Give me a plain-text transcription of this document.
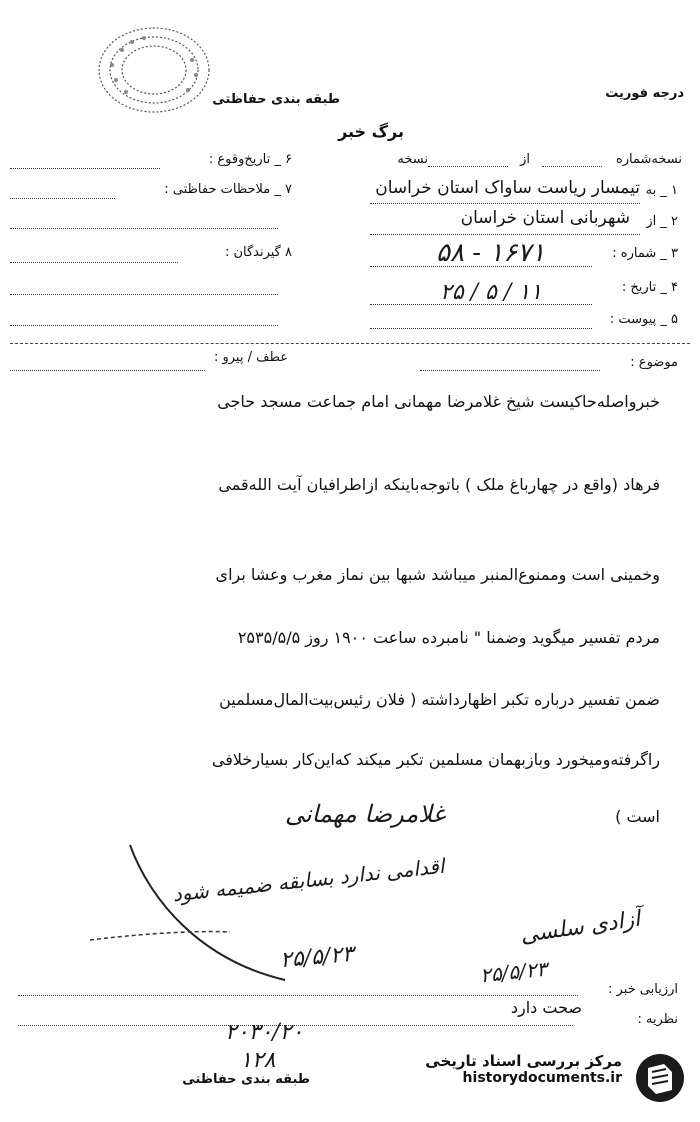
طبقه بندی حفاظتی	درجه فوریت
برگ خبر
نسخه‌شماره
از
نسخه
۶ _ تاریخ‌وقوع :
۷ _ ملاحظات حفاظتی :
۸ گیرندگان :
۱ _ به
تیمسار ریاست ساواک استان خراسان
۲ _ از
شهربانی استان خراسان
۳ _ شماره :
۵۸ - ۱۶۷۱
۴ _ تاریخ :
۱۱ / ۵ / ۲۵
۵ _ پیوست :
موضوع :
عطف / پیرو :
خبرواصله‌حاکیست شیخ غلامرضا مهمانی امام جماعت مسجد حاجی
فرهاد (واقع در چهارباغ ملک ) باتوجه‌باینکه ازاطرافیان آیت الله‌قمی
وخمینی است وممنوع‌المنبر میباشد شبها بین نماز مغرب وعشا برای
مردم تفسیر میگوید وضمنا " نامبرده ساعت ۱۹۰۰ روز ۲۵۳۵/۵/۵
ضمن تفسیر درباره تکبر اظهارداشته ( فلان رئیس‌بیت‌المال‌مسلمین
راگرفته‌ومیخورد وبازبهمان مسلمین تکبر میکند که‌این‌کار بسیارخلافی
است )
غلامرضا مهمانی
اقدامی ندارد بسابقه ضمیمه شود
۲۵/۵/۲۳
آزادی سلسی
۲۵/۵/۲۳
ارزیابی خبر :
صحت دارد
نظریه :
۲۰۳۰/۲۰
۱۲۸
طبقه بندی حفاظتی
مرکز بررسی اسناد تاریخی
historydocuments.ir
